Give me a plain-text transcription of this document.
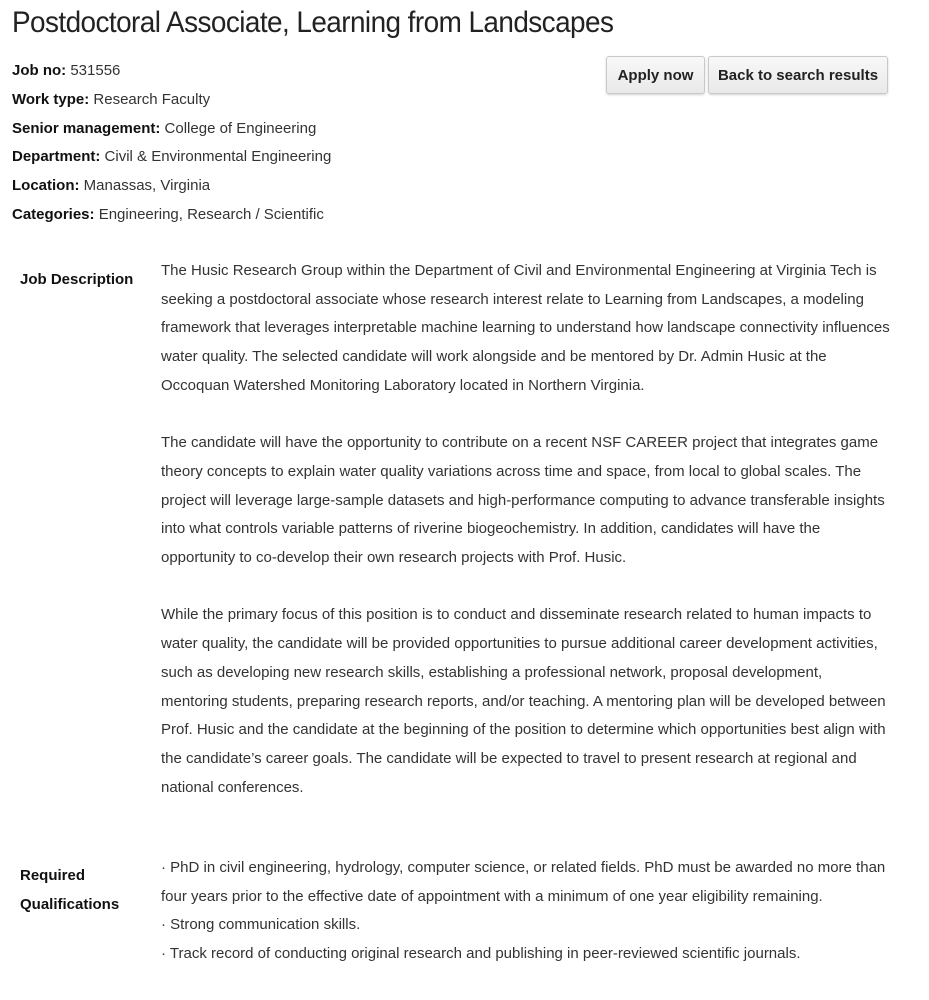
Postdoctoral Associate, Learning from Landscapes
Job no: 531556
Work type: Research Faculty
Senior management: College of Engineering
Department: Civil & Environmental Engineering
Location: Manassas, Virginia
Categories: Engineering, Research / Scientific
Apply now	Back to search results
Job Description

The Husic Research Group within the Department of Civil and Environmental Engineering at Virginia Tech is seeking a postdoctoral associate whose research interest relate to Learning from Landscapes, a modeling framework that leverages interpretable machine learning to understand how landscape connectivity influences water quality. The selected candidate will work alongside and be mentored by Dr. Admin Husic at the Occoquan Watershed Monitoring Laboratory located in Northern Virginia.

The candidate will have the opportunity to contribute on a recent NSF CAREER project that integrates game theory concepts to explain water quality variations across time and space, from local to global scales. The project will leverage large-sample datasets and high-performance computing to advance transferable insights into what controls variable patterns of riverine biogeochemistry. In addition, candidates will have the opportunity to co-develop their own research projects with Prof. Husic.

While the primary focus of this position is to conduct and disseminate research related to human impacts to water quality, the candidate will be provided opportunities to pursue additional career development activities, such as developing new research skills, establishing a professional network, proposal development, mentoring students, preparing research reports, and/or teaching. A mentoring plan will be developed between Prof. Husic and the candidate at the beginning of the position to determine which opportunities best align with the candidate’s career goals. The candidate will be expected to travel to present research at regional and national conferences.

Required Qualifications

· PhD in civil engineering, hydrology, computer science, or related fields. PhD must be awarded no more than four years prior to the effective date of appointment with a minimum of one year eligibility remaining.

· Strong communication skills.

· Track record of conducting original research and publishing in peer-reviewed scientific journals.
